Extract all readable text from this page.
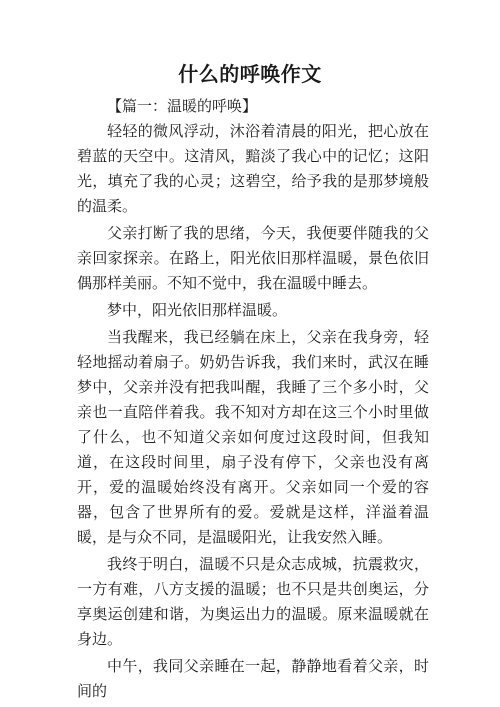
什么的呼唤作文

【篇一：温暖的呼唤】

轻轻的微风浮动，沐浴着清晨的阳光，把心放在碧蓝的天空中。这清风，黯淡了我心中的记忆；这阳光，填充了我的心灵；这碧空，给予我的是那梦境般的温柔。

父亲打断了我的思绪，今天，我便要伴随我的父亲回家探亲。在路上，阳光依旧那样温暖，景色依旧偶那样美丽。不知不觉中，我在温暖中睡去。

梦中，阳光依旧那样温暖。

当我醒来，我已经躺在床上，父亲在我身旁，轻轻地摇动着扇子。奶奶告诉我，我们来时，武汉在睡梦中，父亲并没有把我叫醒，我睡了三个多小时，父亲也一直陪伴着我。我不知对方却在这三个小时里做了什么，也不知道父亲如何度过这段时间，但我知道，在这段时间里，扇子没有停下，父亲也没有离开，爱的温暖始终没有离开。父亲如同一个爱的容器，包含了世界所有的爱。爱就是这样，洋溢着温暖，是与众不同，是温暖阳光，让我安然入睡。

我终于明白，温暖不只是众志成城，抗震救灾，一方有难，八方支援的温暖；也不只是共创奥运，分享奥运创建和谐，为奥运出力的温暖。原来温暖就在身边。

中午，我同父亲睡在一起，静静地看着父亲，时间的
